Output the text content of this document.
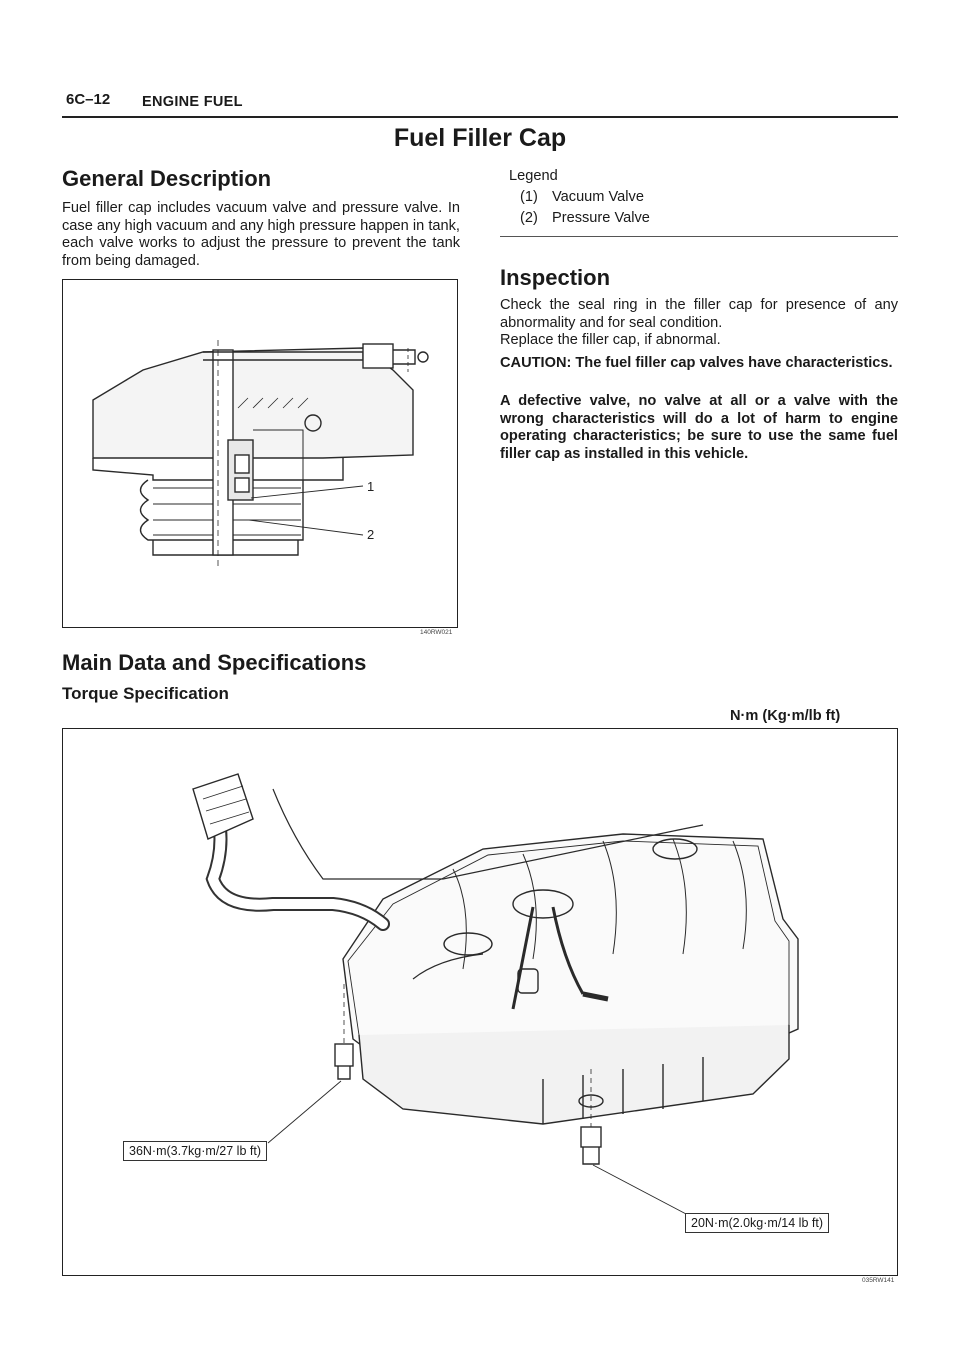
6C–12 ENGINE FUEL
Fuel Filler Cap
General Description
Fuel filler cap includes vacuum valve and pressure valve. In case any high vacuum and any high pressure happen in tank, each valve works to adjust the pressure to prevent the tank from being damaged.
1
2
140RW021
Legend
(1) Vacuum Valve
(2) Pressure Valve
Inspection
Check the seal ring in the filler cap for presence of any abnormality and for seal condition.
Replace the filler cap, if abnormal.
CAUTION: The fuel filler cap valves have characteristics.
A defective valve, no valve at all or a valve with the wrong characteristics will do a lot of harm to engine operating characteristics; be sure to use the same fuel filler cap as installed in this vehicle.
Main Data and Specifications
Torque Specification
N·m (Kg·m/lb ft)
36N·m(3.7kg·m/27 lb ft)
20N·m(2.0kg·m/14 lb ft)
035RW141
